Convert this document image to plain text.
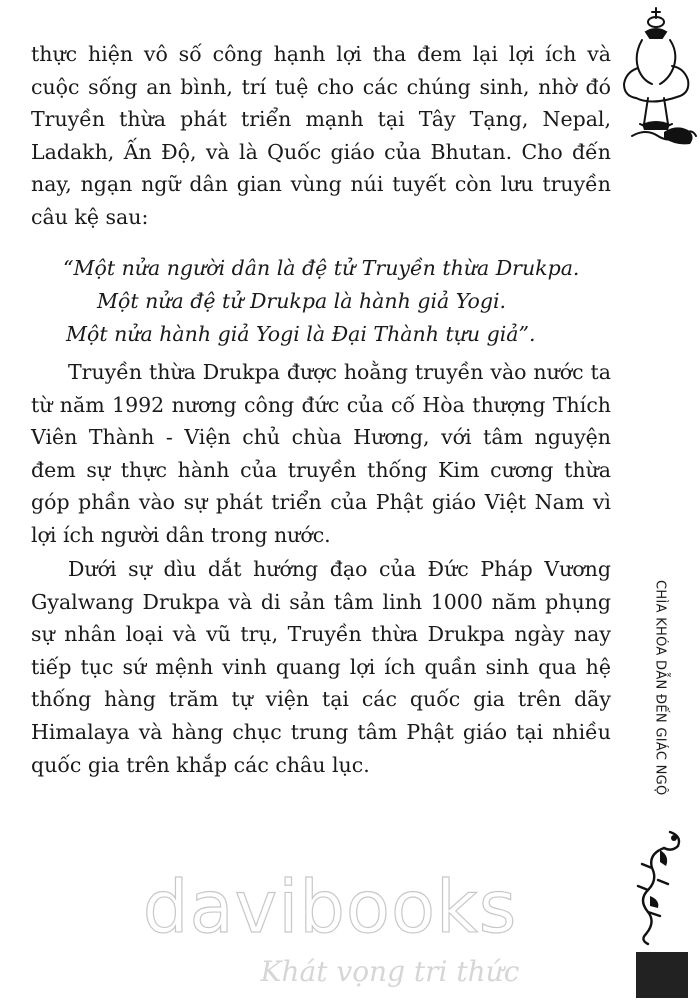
thực hiện vô số công hạnh lợi tha đem lại lợi ích và cuộc sống an bình, trí tuệ cho các chúng sinh, nhờ đó Truyền thừa phát triển mạnh tại Tây Tạng, Nepal, Ladakh, Ấn Độ, và là Quốc giáo của Bhutan. Cho đến nay, ngạn ngữ dân gian vùng núi tuyết còn lưu truyền câu kệ sau:

“Một nửa người dân là đệ tử Truyền thừa Drukpa.
Một nửa đệ tử Drukpa là hành giả Yogi.
Một nửa hành giả Yogi là Đại Thành tựu giả”.

Truyền thừa Drukpa được hoằng truyền vào nước ta từ năm 1992 nương công đức của cố Hòa thượng Thích Viên Thành - Viện chủ chùa Hương, với tâm nguyện đem sự thực hành của truyền thống Kim cương thừa góp phần vào sự phát triển của Phật giáo Việt Nam vì lợi ích người dân trong nước.

Dưới sự dìu dắt hướng đạo của Đức Pháp Vương Gyalwang Drukpa và di sản tâm linh 1000 năm phụng sự nhân loại và vũ trụ, Truyền thừa Drukpa ngày nay tiếp tục sứ mệnh vinh quang lợi ích quần sinh qua hệ thống hàng trăm tự viện tại các quốc gia trên dãy Himalaya và hàng chục trung tâm Phật giáo tại nhiều quốc gia trên khắp các châu lục.	CHÌA KHÓA DẪN ĐẾN GIÁC NGỘ
davibooks
Khát vọng tri thức
